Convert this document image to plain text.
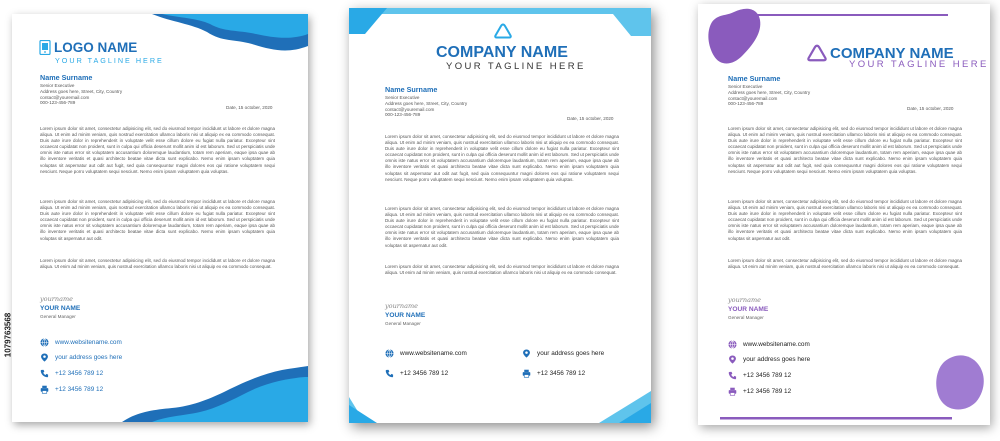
1079763568
LOGO NAME
YOUR TAGLINE HERE
Name Surname
Senior Executive
Address goes here, Street, City, Country
contact@youremail.com
000-123-456-789
Date, 15 october, 2020
Lorem ipsum dolor sit amet, consectetur adipisicing elit, sed do eiusmod tempor incididunt ut labore et dolore magna aliqua. Ut enim ad minim veniam, quis nostrud exercitation ullamco laboris nisi ut aliquip ex ea commodo consequat. Duis aute irure dolor in reprehenderit in voluptate velit esse cillum dolore eu fugiat nulla pariatur. Excepteur sint occaecat cupidatat non proident, sunt in culpa qui officia deserunt mollit anim id est laborum. Sed ut perspiciatis unde omnis iste natus error sit voluptatem accusantium doloremque laudantium, totam rem aperiam, eaque ipsa quae ab illo inventore veritatis et quasi architecto beatae vitae dicta sunt explicabo. Nemo enim ipsam voluptatem quia voluptas sit aspernatur aut odit aut fugit, sed quia consequuntur magni dolores eos qui ratione voluptatem sequi nesciunt. Neque porro voluptatem sequi nesciunt. Nemo enim ipsam voluptatem quia voluptas.
Lorem ipsum dolor sit amet, consectetur adipisicing elit, sed do eiusmod tempor incididunt ut labore et dolore magna aliqua. Ut enim ad minim veniam, quis nostrud exercitation ullamco laboris nisi ut aliquip ex ea commodo consequat. Duis aute irure dolor in reprehenderit in voluptate velit esse cillum dolore eu fugiat nulla pariatur. Excepteur sint occaecat cupidatat non proident, sunt in culpa qui officia deserunt mollit anim id est laborum. Sed ut perspiciatis unde omnis iste natus error sit voluptatem accusantium doloremque laudantium, totam rem aperiam, eaque ipsa quae ab illo inventore veritatis et quasi architecto beatae vitae dicta sunt explicabo. Nemo enim ipsam voluptatem quia voluptas sit aspernatur aut odit.
Lorem ipsum dolor sit amet, consectetur adipisicing elit, sed do eiusmod tempor incididunt ut labore et dolore magna aliqua. Ut enim ad minim veniam, quis nostrud exercitation ullamco laboris nisi ut aliquip ex ea commodo consequat.
yourname
YOUR NAME
General Manager
www.websitename.com
your address goes here
+12 3456 789 12
+12 3456 789 12
COMPANY NAME
YOUR TAGLINE HERE
Name Surname
Senior Executive
Address goes here, Street, City, Country
contact@youremail.com
000-123-456-789
Date, 15 october, 2020
Lorem ipsum dolor sit amet, consectetur adipisicing elit, sed do eiusmod tempor incididunt ut labore et dolore magna aliqua. Ut enim ad minim veniam, quis nostrud exercitation ullamco laboris nisi ut aliquip ex ea commodo consequat. Duis aute irure dolor in reprehenderit in voluptate velit esse cillum dolore eu fugiat nulla pariatur. Excepteur sint occaecat cupidatat non proident, sunt in culpa qui officia deserunt mollit anim id est laborum. Sed ut perspiciatis unde omnis iste natus error sit voluptatem accusantium doloremque laudantium, totam rem aperiam, eaque ipsa quae ab illo inventore veritatis et quasi architecto beatae vitae dicta sunt explicabo. Nemo enim ipsam voluptatem quia voluptas sit aspernatur aut odit aut fugit, sed quia consequuntur magni dolores eos qui ratione voluptatem sequi nesciunt. Neque porro voluptatem sequi nesciunt. Nemo enim ipsam voluptatem quia voluptas.
Lorem ipsum dolor sit amet, consectetur adipisicing elit, sed do eiusmod tempor incididunt ut labore et dolore magna aliqua. Ut enim ad minim veniam, quis nostrud exercitation ullamco laboris nisi ut aliquip ex ea commodo consequat. Duis aute irure dolor in reprehenderit in voluptate velit esse cillum dolore eu fugiat nulla pariatur. Excepteur sint occaecat cupidatat non proident, sunt in culpa qui officia deserunt mollit anim id est laborum. Sed ut perspiciatis unde omnis iste natus error sit voluptatem accusantium doloremque laudantium, totam rem aperiam, eaque ipsa quae ab illo inventore veritatis et quasi architecto beatae vitae dicta sunt explicabo. Nemo enim ipsam voluptatem quia voluptas sit aspernatur aut odit.
Lorem ipsum dolor sit amet, consectetur adipisicing elit, sed do eiusmod tempor incididunt ut labore et dolore magna aliqua. Ut enim ad minim veniam, quis nostrud exercitation ullamco laboris nisi ut aliquip ex ea commodo consequat.
yourname
YOUR NAME
General Manager
www.websitename.com	your address goes here
+12 3456 789 12	+12 3456 789 12
COMPANY NAME
YOUR TAGLINE HERE
Name Surname
Senior Executive
Address goes here, Street, City, Country
contact@youremail.com
000-123-456-789
Date, 15 october, 2020
Lorem ipsum dolor sit amet, consectetur adipisicing elit, sed do eiusmod tempor incididunt ut labore et dolore magna aliqua. Ut enim ad minim veniam, quis nostrud exercitation ullamco laboris nisi ut aliquip ex ea commodo consequat. Duis aute irure dolor in reprehenderit in voluptate velit esse cillum dolore eu fugiat nulla pariatur. Excepteur sint occaecat cupidatat non proident, sunt in culpa qui officia deserunt mollit anim id est laborum. Sed ut perspiciatis unde omnis iste natus error sit voluptatem accusantium doloremque laudantium, totam rem aperiam, eaque ipsa quae ab illo inventore veritatis et quasi architecto beatae vitae dicta sunt explicabo. Nemo enim ipsam voluptatem quia voluptas sit aspernatur aut odit aut fugit, sed quia consequuntur magni dolores eos qui ratione voluptatem sequi nesciunt. Neque porro voluptatem sequi nesciunt. Nemo enim ipsam voluptatem quia voluptas.
Lorem ipsum dolor sit amet, consectetur adipisicing elit, sed do eiusmod tempor incididunt ut labore et dolore magna aliqua. Ut enim ad minim veniam, quis nostrud exercitation ullamco laboris nisi ut aliquip ex ea commodo consequat. Duis aute irure dolor in reprehenderit in voluptate velit esse cillum dolore eu fugiat nulla pariatur. Excepteur sint occaecat cupidatat non proident, sunt in culpa qui officia deserunt mollit anim id est laborum. Sed ut perspiciatis unde omnis iste natus error sit voluptatem accusantium doloremque laudantium, totam rem aperiam, eaque ipsa quae ab illo inventore veritatis et quasi architecto beatae vitae dicta sunt explicabo. Nemo enim ipsam voluptatem quia voluptas sit aspernatur aut odit.
Lorem ipsum dolor sit amet, consectetur adipisicing elit, sed do eiusmod tempor incididunt ut labore et dolore magna aliqua. Ut enim ad minim veniam, quis nostrud exercitation ullamco laboris nisi ut aliquip ex ea commodo consequat.
yourname
YOUR NAME
General Manager
www.websitename.com
your address goes here
+12 3456 789 12
+12 3456 789 12
